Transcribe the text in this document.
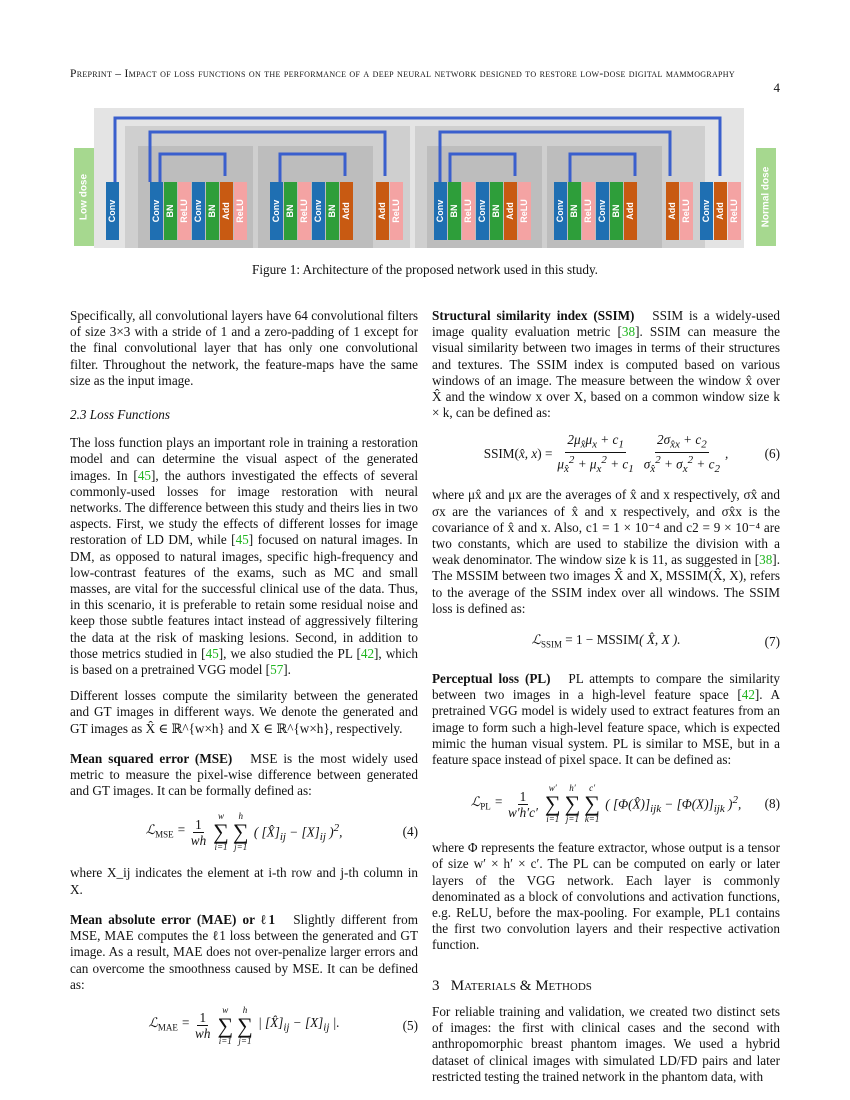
Preprint – Impact of loss functions on the performance of a deep neural network designed to restore low-dose digital mammography
4
Conv	Conv BN ReLU Conv BN Add ReLU	Conv BN ReLU Conv BN Add	Add ReLU	Conv BN ReLU Conv BN Add ReLU	Conv BN ReLU Conv BN Add	Add ReLU Conv Add ReLU
Low dose	Normal dose
Figure 1: Architecture of the proposed network used in this study.

Specifically, all convolutional layers have 64 convolutional filters of size 3×3 with a stride of 1 and a zero-padding of 1 except for the final convolutional layer that has only one convolutional filter. Throughout the network, the feature-maps have the same size as the input image.

2.3 Loss Functions

The loss function plays an important role in training a restoration model and can determine the visual aspect of the generated images. In [45], the authors investigated the effects of several commonly-used losses for image restoration with neural networks. The difference between this study and theirs lies in two aspects. First, we study the effects of different losses for image restoration of LD DM, while [45] focused on natural images. In DM, as opposed to natural images, specific high-frequency and low-contrast features of the exams, such as MC and small masses, are vital for the successful clinical use of the data. Thus, in this scenario, it is preferable to retain some residual noise and keep those subtle features intact instead of aggressively filtering the data at the risk of masking lesions. Second, in addition to those metrics studied in [45], we also studied the PL [42], which is based on a pretrained VGG model [57].

Different losses compute the similarity between the generated and GT images in different ways. We denote the generated and GT images as X̂ ∈ ℝ^{w×h} and X ∈ ℝ^{w×h}, respectively.

Mean squared error (MSE) MSE is the most widely used metric to measure the pixel-wise difference between generated and GT images. It can be formally defined as:

ℒ$_{MSE}$ = $\frac{1}{wh}$
w
∑
i=1
h
∑
j=1
( $[X̂]_{ij} - [X]_{ij}$ )$^2$,	(4)

where X_ij indicates the element at i-th row and j-th column in X.

Mean absolute error (MAE) or ℓ1 Slightly different from MSE, MAE computes the ℓ1 loss between the generated and GT image. As a result, MAE does not over-penalize larger errors and can overcome the smoothness caused by MSE. It can be defined as:

ℒ$_{MAE}$ = $\frac{1}{wh}$
w
∑
i=1
h
∑
j=1
| $[X̂]_{ij} - [X]_{ij}$ |.	(5)

Structural similarity index (SSIM) SSIM is a widely-used image quality evaluation metric [38]. SSIM can measure the visual similarity between two images in terms of their structures and textures. The SSIM index is computed based on various windows of an image. The measure between the window x̂ over X̂ and the window x over X, based on a common window size k × k, can be defined as:

SSIM( x̂, x ) = $\frac{2\mu_{x̂}\mu_x + c_1}{\mu_{x̂}^2 + \mu_x^2 + c_1} \frac{2\sigma_{x̂x} + c_2}{\sigma_{x̂}^2 + \sigma_x^2 + c_2}$ ,	(6)

where μx̂ and μx are the averages of x̂ and x respectively, σx̂ and σx are the variances of x̂ and x respectively, and σx̂x is the covariance of x̂ and x. Also, c1 = 1 × 10⁻⁴ and c2 = 9 × 10⁻⁴ are two constants, which are used to stabilize the division with a weak denominator. The window size k is 11, as suggested in [38]. The MSSIM between two images X̂ and X, MSSIM(X̂, X), refers to the average of the SSIM index over all windows. The SSIM loss is defined as:

ℒ$_{SSIM}$ = 1 − MSSIM( X̂, X ).	(7)

Perceptual loss (PL) PL attempts to compare the similarity between two images in a high-level feature space [42]. A pretrained VGG model is widely used to extract features from an image to form such a high-level feature space, which is expected mimic the human visual system. PL is similar to MSE, but in a feature space instead of pixel space. It can be defined as:

ℒ$_{PL}$ = $\frac{1}{w'h'c'}$
w′
∑
i=1
h′
∑
j=1
c′
∑
k=1
( $[\Phi(X̂)]_{ijk} - [\Phi(X)]_{ijk}$ )$^2$, (8)

where Φ represents the feature extractor, whose output is a tensor of size w′ × h′ × c′. The PL can be computed on early or later layers of the VGG network. Each layer is commonly denominated as a block of convolutions and activation functions, e.g. ReLU, before the max-pooling. For example, PL1 contains the first two convolution layers and their respective activation function.

3 Materials & Methods

For reliable training and validation, we created two distinct sets of images: the first with clinical cases and the second with anthropomorphic breast phantom images. We used a hybrid dataset of clinical images with simulated LD/FD pairs and later restricted testing the trained network in the phantom data, with
